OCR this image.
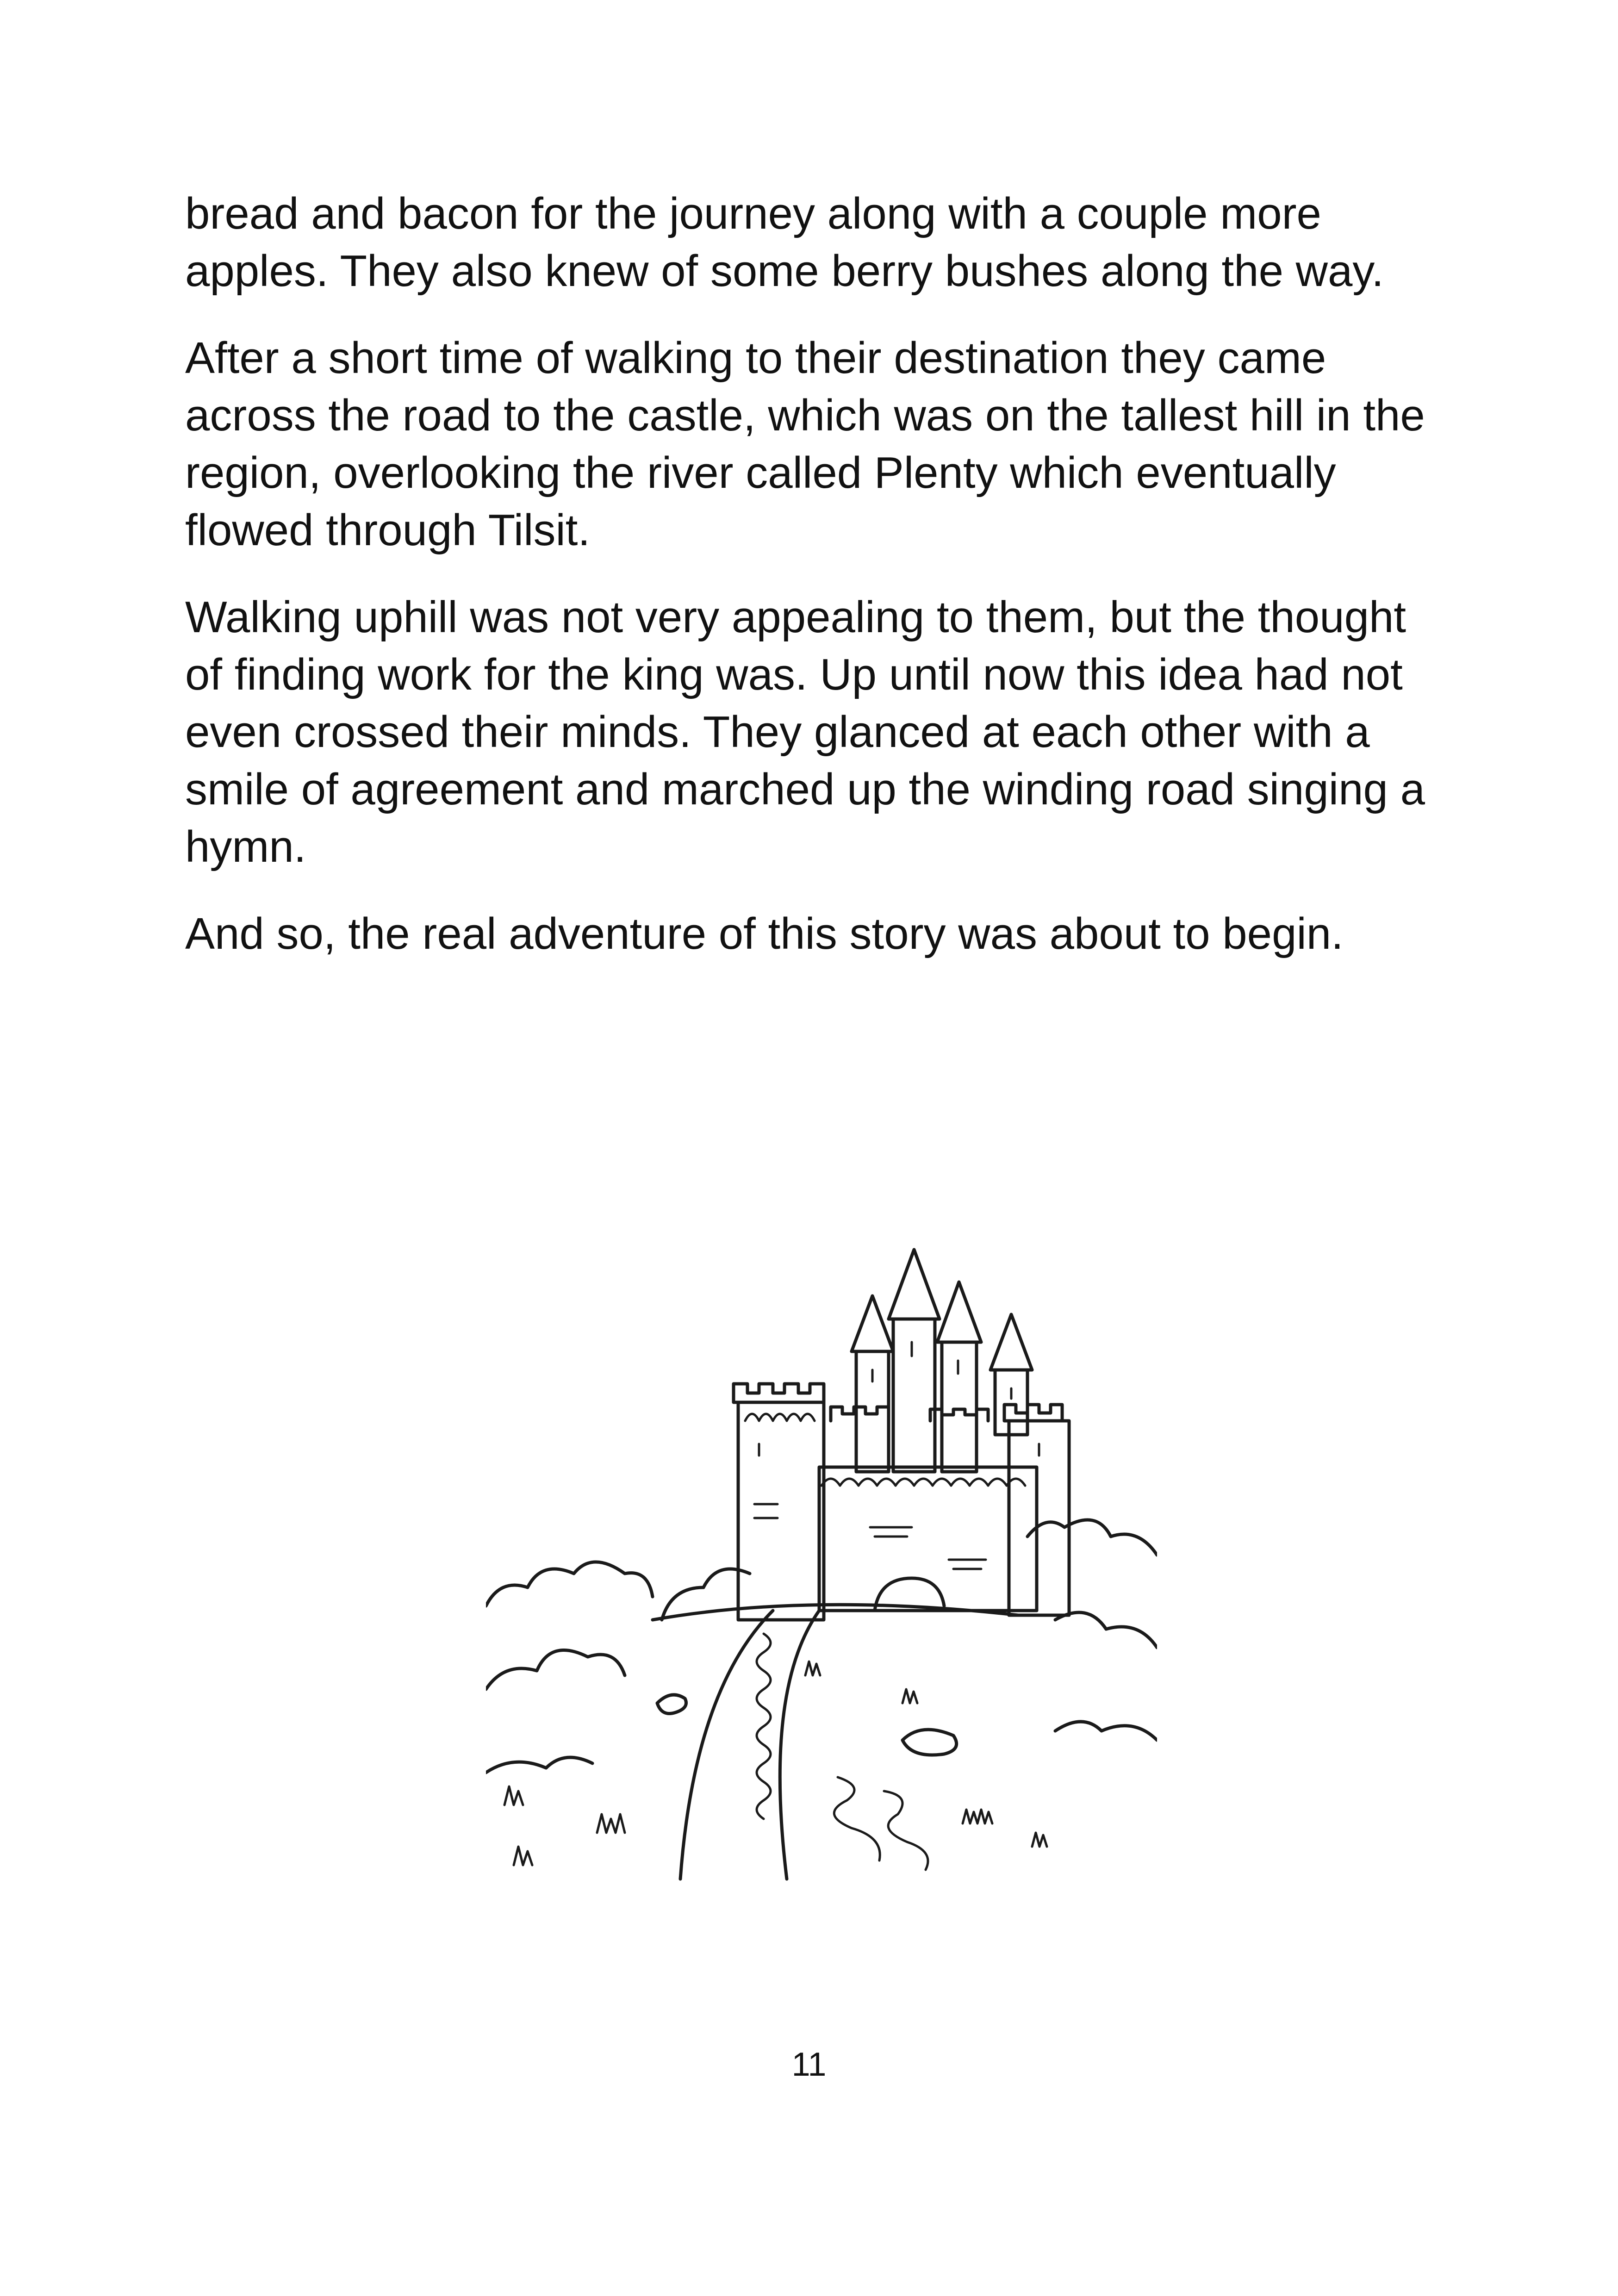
bread and bacon for the journey along with a couple more apples. They also knew of some berry bushes along the way.

After a short time of walking to their destination they came across the road to the castle, which was on the tallest hill in the region, overlooking the river called Plenty which eventually flowed through Tilsit.

Walking uphill was not very appealing to them, but the thought of finding work for the king was. Up until now this idea had not even crossed their minds. They glanced at each other with a smile of agreement and marched up the winding road singing a hymn.

And so, the real adventure of this story was about to begin.

11
